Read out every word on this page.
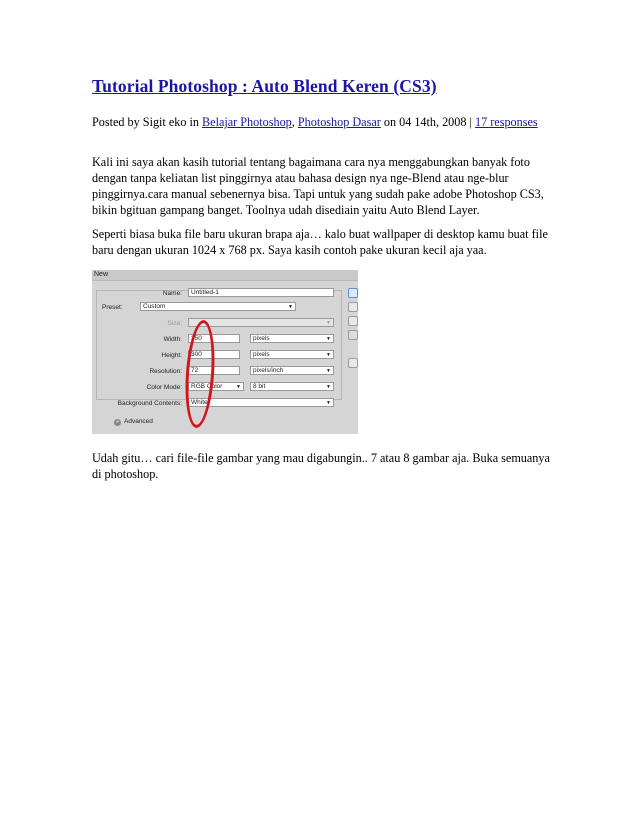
Tutorial Photoshop : Auto Blend Keren (CS3)
Posted by Sigit eko in Belajar Photoshop, Photoshop Dasar on 04 14th, 2008 | 17 responses

Kali ini saya akan kasih tutorial tentang bagaimana cara nya menggabungkan banyak foto dengan tanpa keliatan list pinggirnya atau bahasa design nya nge-Blend atau nge-blur pinggirnya.cara manual sebenernya bisa. Tapi untuk yang sudah pake adobe Photoshop CS3, bikin bgituan gampang banget. Toolnya udah disediain yaitu Auto Blend Layer.

Seperti biasa buka file baru ukuran brapa aja… kalo buat wallpaper di desktop kamu buat file baru dengan ukuran 1024 x 768 px. Saya kasih contoh pake ukuran kecil aja yaa.

New
Name:	Untitled-1
Preset:	Custom	▼
Size:	▼
Width:	350	pixels	▼
Height:	300	pixels	▼
Resolution:	72	pixels/inch	▼
Color Mode:	RGB Color	▼	8 bit	▼
Background Contents:	White	▼
» Advanced

Udah gitu… cari file-file gambar yang mau digabungin.. 7 atau 8 gambar aja. Buka semuanya di photoshop.
